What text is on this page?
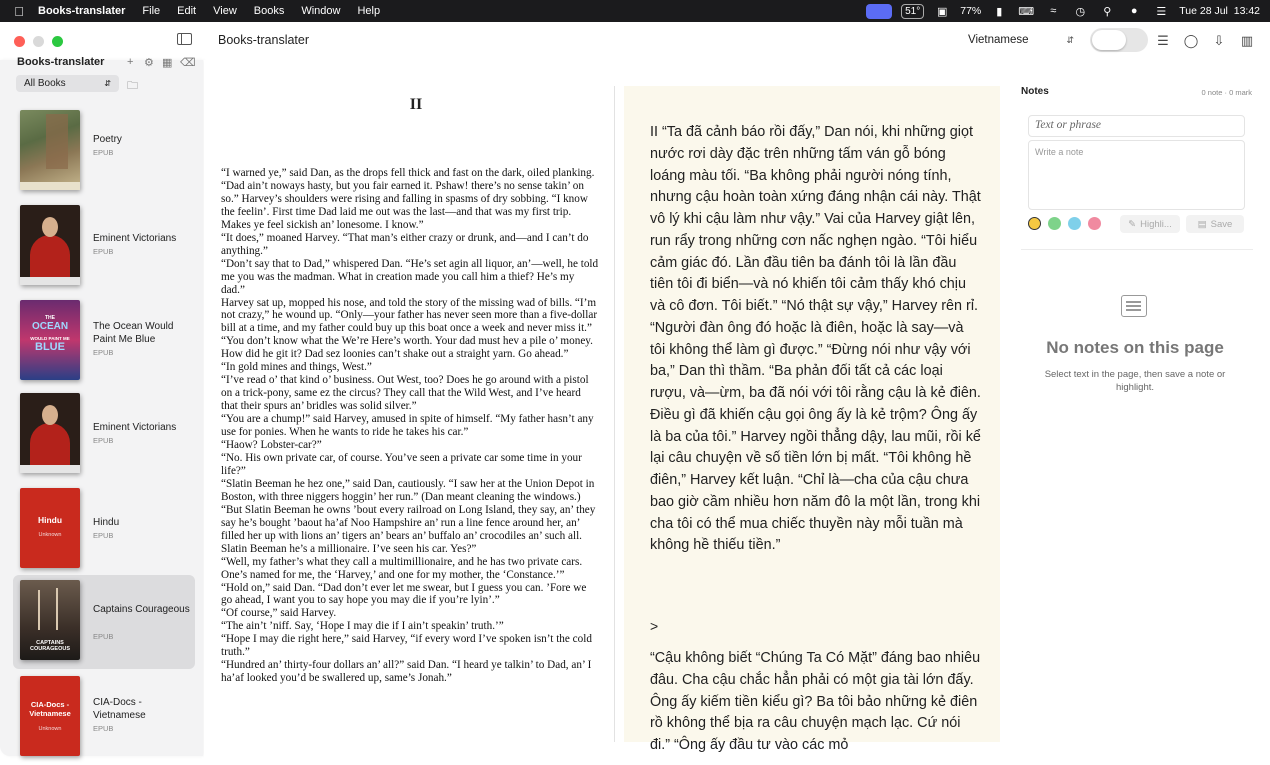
Books-translater File Edit View Books Window Help	51°	▣	77%	▮	⌨	≈	◷	⚲	●	☰	Tue 28 Jul  13:42
Books-translater	Vietnamese	⇵	☰ ◯ ⇩ ▥
Books-translater + ⚙ ▦ ⌫
All Books	⇵ 🗀
Poetry
EPUB
Eminent Victorians
EPUB
THE
OCEAN
WOULD PAINT ME
BLUE
The Ocean Would Paint Me Blue
EPUB
Eminent Victorians
EPUB
Hindu
Unknown
Hindu
EPUB
CAPTAINS
COURAGEOUS
Captains Courageous
EPUB
CIA-Docs - Vietnamese
Unknown
CIA-Docs - Vietnamese
EPUB
II

“I warned ye,” said Dan, as the drops fell thick and fast on the dark, oiled planking. “Dad ain’t noways hasty, but you fair earned it. Pshaw! there’s no sense takin’ on so.” Harvey’s shoulders were rising and falling in spasms of dry sobbing. “I know the feelin’. First time Dad laid me out was the last—and that was my first trip. Makes ye feel sickish an’ lonesome. I know.”
“It does,” moaned Harvey. “That man’s either crazy or drunk, and—and I can’t do anything.”
“Don’t say that to Dad,” whispered Dan. “He’s set agin all liquor, an’—well, he told me you was the madman. What in creation made you call him a thief? He’s my dad.”
Harvey sat up, mopped his nose, and told the story of the missing wad of bills. “I’m not crazy,” he wound up. “Only—your father has never seen more than a five-dollar bill at a time, and my father could buy up this boat once a week and never miss it.”
“You don’t know what the We’re Here’s worth. Your dad must hev a pile o’ money. How did he git it? Dad sez loonies can’t shake out a straight yarn. Go ahead.”
“In gold mines and things, West.”
“I’ve read o’ that kind o’ business. Out West, too? Does he go around with a pistol on a trick-pony, same ez the circus? They call that the Wild West, and I’ve heard that their spurs an’ bridles was solid silver.”
“You are a chump!” said Harvey, amused in spite of himself. “My father hasn’t any use for ponies. When he wants to ride he takes his car.”
“Haow? Lobster-car?”
“No. His own private car, of course. You’ve seen a private car some time in your life?”
“Slatin Beeman he hez one,” said Dan, cautiously. “I saw her at the Union Depot in Boston, with three niggers hoggin’ her run.” (Dan meant cleaning the windows.) “But Slatin Beeman he owns ’bout every railroad on Long Island, they say, an’ they say he’s bought ’baout ha’af Noo Hampshire an’ run a line fence around her, an’ filled her up with lions an’ tigers an’ bears an’ buffalo an’ crocodiles an’ such all. Slatin Beeman he’s a millionaire. I’ve seen his car. Yes?”
“Well, my father’s what they call a multimillionaire, and he has two private cars. One’s named for me, the ‘Harvey,’ and one for my mother, the ‘Constance.’”
“Hold on,” said Dan. “Dad don’t ever let me swear, but I guess you can. ’Fore we go ahead, I want you to say hope you may die if you’re lyin’.”
“Of course,” said Harvey.
“The ain’t ’niff. Say, ‘Hope I may die if I ain’t speakin’ truth.’”
“Hope I may die right here,” said Harvey, “if every word I’ve spoken isn’t the cold truth.”
“Hundred an’ thirty-four dollars an’ all?” said Dan. “I heard ye talkin’ to Dad, an’ I ha’af looked you’d be swallered up, same’s Jonah.”

II “Ta đã cảnh báo rồi đấy,” Dan nói, khi những giọt nước rơi dày đặc trên những tấm ván gỗ bóng loáng màu tối. “Ba không phải người nóng tính, nhưng cậu hoàn toàn xứng đáng nhận cái này. Thật vô lý khi cậu làm như vậy.” Vai của Harvey giật lên, run rẩy trong những cơn nấc nghẹn ngào. “Tôi hiểu cảm giác đó. Lần đầu tiên ba đánh tôi là lần đầu tiên tôi đi biển—và nó khiến tôi cảm thấy khó chịu và cô đơn. Tôi biết.” “Nó thật sự vậy,” Harvey rên rỉ. “Người đàn ông đó hoặc là điên, hoặc là say—và tôi không thể làm gì được.” “Đừng nói như vậy với ba,” Dan thì thầm. “Ba phản đối tất cả các loại rượu, và—ừm, ba đã nói với tôi rằng cậu là kẻ điên. Điều gì đã khiến cậu gọi ông ấy là kẻ trộm? Ông ấy là ba của tôi.” Harvey ngồi thẳng dậy, lau mũi, rồi kể lại câu chuyện về số tiền lớn bị mất. “Tôi không hề điên,” Harvey kết luận. “Chỉ là—cha của cậu chưa bao giờ cầm nhiều hơn năm đô la một lần, trong khi cha tôi có thể mua chiếc thuyền này mỗi tuần mà không hề thiếu tiền.”

>
“Cậu không biết “Chúng Ta Có Mặt” đáng bao nhiêu đâu. Cha cậu chắc hẳn phải có một gia tài lớn đấy. Ông ấy kiếm tiền kiểu gì? Ba tôi bảo những kẻ điên rồ không thể bịa ra câu chuyện mạch lạc. Cứ nói đi.” “Ông ấy đầu tư vào các mỏ
Notes	0 note · 0 mark
Text or phrase
Write a note
✎ Highli...	▤ Save
No notes on this page
Select text in the page, then save a note or highlight.
